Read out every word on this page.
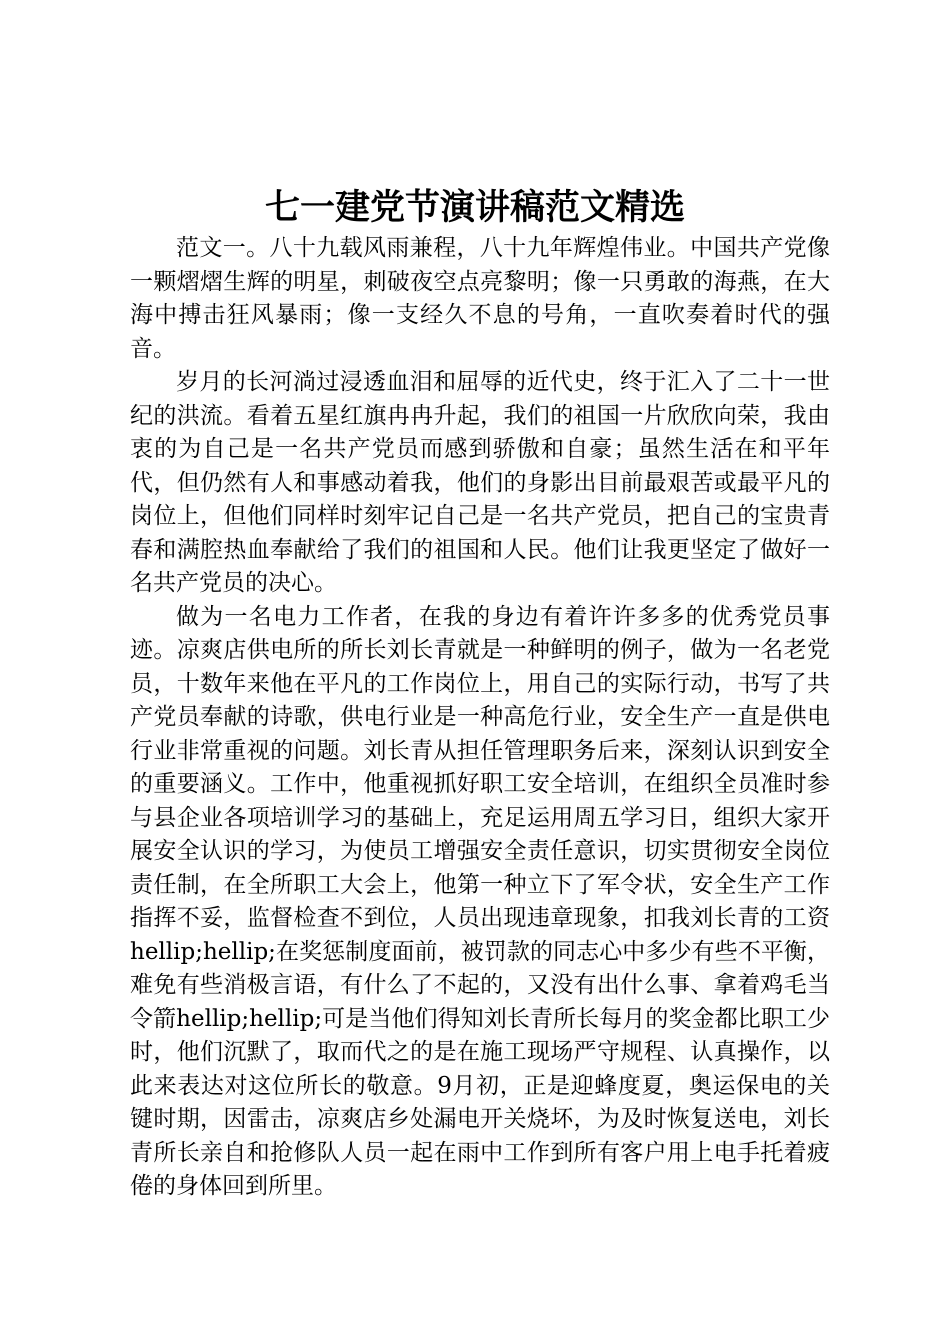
七一建党节演讲稿范文精选

范文一。八十九载风雨兼程，八十九年辉煌伟业。中国共产党像一颗熠熠生辉的明星，刺破夜空点亮黎明；像一只勇敢的海燕，在大海中搏击狂风暴雨；像一支经久不息的号角，一直吹奏着时代的强音。

岁月的长河淌过浸透血泪和屈辱的近代史，终于汇入了二十一世纪的洪流。看着五星红旗冉冉升起，我们的祖国一片欣欣向荣，我由衷的为自己是一名共产党员而感到骄傲和自豪；虽然生活在和平年代，但仍然有人和事感动着我，他们的身影出目前最艰苦或最平凡的岗位上，但他们同样时刻牢记自己是一名共产党员，把自己的宝贵青春和满腔热血奉献给了我们的祖国和人民。他们让我更坚定了做好一名共产党员的决心。

做为一名电力工作者，在我的身边有着许许多多的优秀党员事迹。凉爽店供电所的所长刘长青就是一种鲜明的例子，做为一名老党员，十数年来他在平凡的工作岗位上，用自己的实际行动，书写了共产党员奉献的诗歌，供电行业是一种高危行业，安全生产一直是供电行业非常重视的问题。刘长青从担任管理职务后来，深刻认识到安全的重要涵义。工作中，他重视抓好职工安全培训，在组织全员准时参与县企业各项培训学习的基础上，充足运用周五学习日，组织大家开展安全认识的学习，为使员工增强安全责任意识，切实贯彻安全岗位责任制，在全所职工大会上，他第一种立下了军令状，安全生产工作指挥不妥，监督检查不到位，人员出现违章现象，扣我刘长青的工资hellip;hellip;在奖惩制度面前，被罚款的同志心中多少有些不平衡，难免有些消极言语，有什么了不起的，又没有出什么事、拿着鸡毛当令箭hellip;hellip;可是当他们得知刘长青所长每月的奖金都比职工少时，他们沉默了，取而代之的是在施工现场严守规程、认真操作，以此来表达对这位所长的敬意。9月初，正是迎蜂度夏，奥运保电的关键时期，因雷击，凉爽店乡处漏电开关烧坏，为及时恢复送电，刘长青所长亲自和抢修队人员一起在雨中工作到所有客户用上电手托着疲倦的身体回到所里。
